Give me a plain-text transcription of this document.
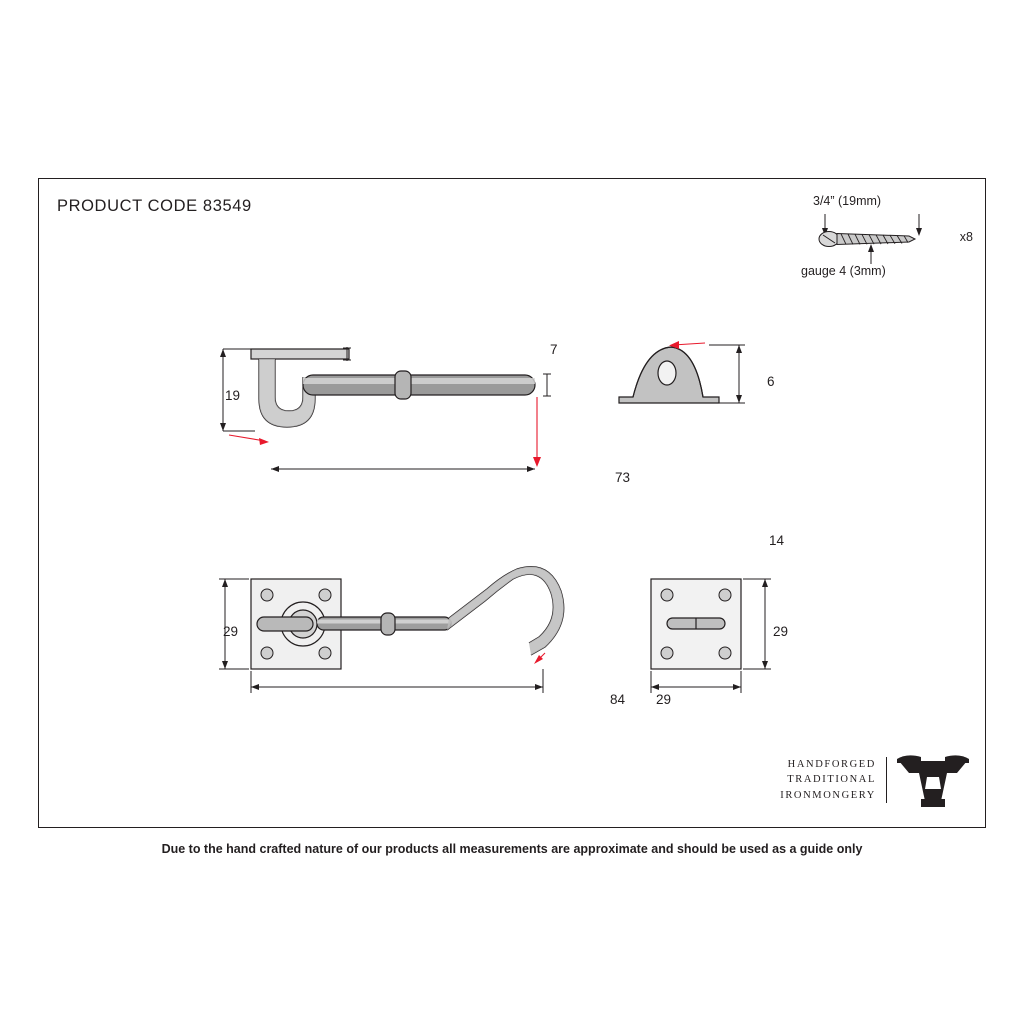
PRODUCT CODE 83549	3/4” (19mm)
gauge 4 (3mm)
x8
19
7
6
73
14
29
84
29
29
HANDFORGED
TRADITIONAL
IRONMONGERY
Due to the hand crafted nature of our products all measurements are approximate and should be used as a guide only
